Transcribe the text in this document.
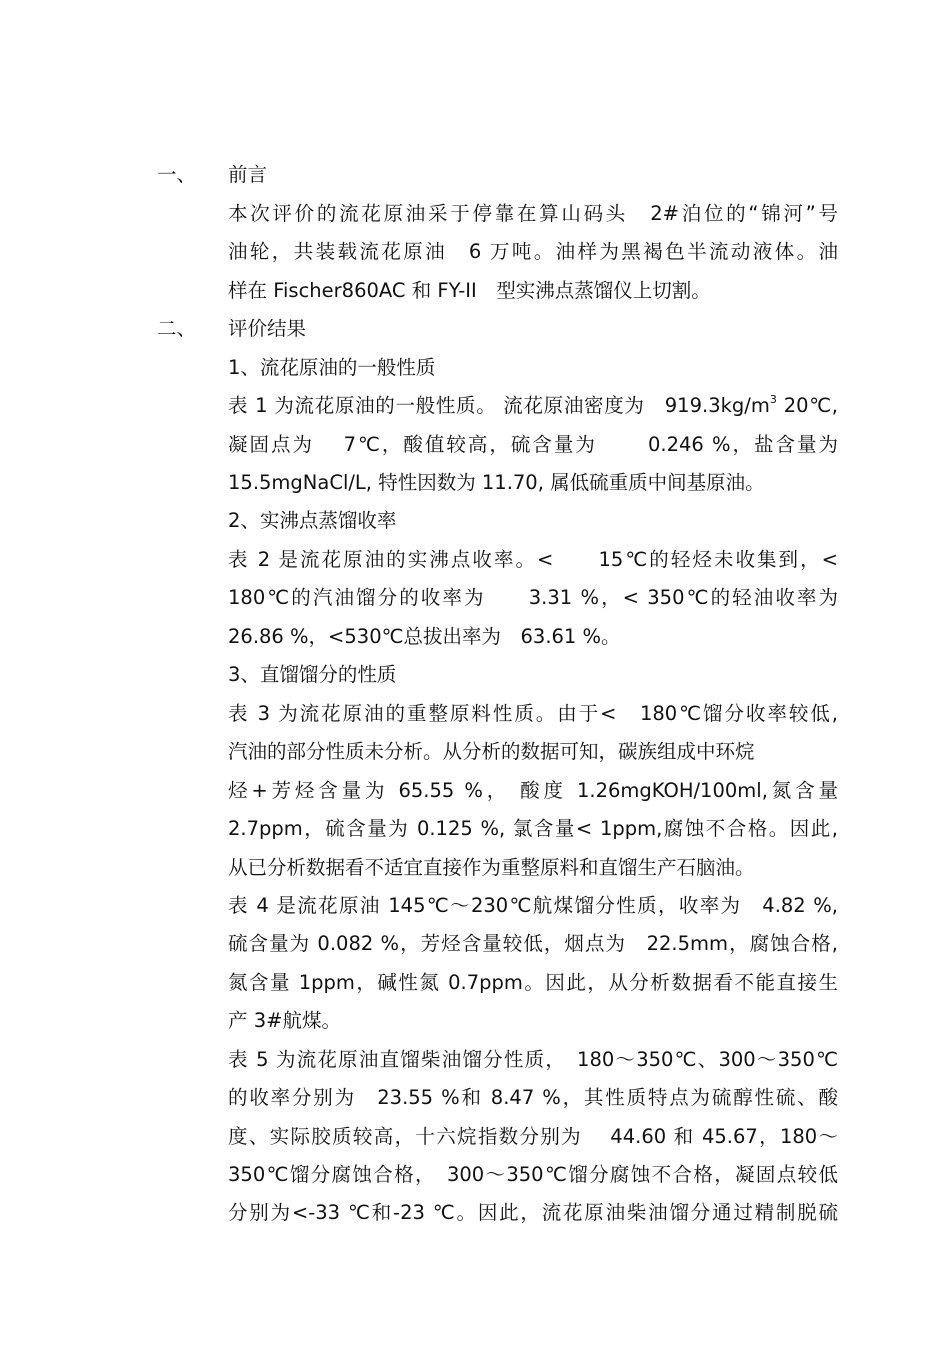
一、 前言
本次评价的流花原油采于停靠在算山码头　2#泊位的“锦河”号
油轮，共装载流花原油　6 万吨。油样为黑褐色半流动液体。油
样在 Fischer860AC 和 FY-II　型实沸点蒸馏仪上切割。
二、 评价结果
1、流花原油的一般性质
表 1 为流花原油的一般性质。 流花原油密度为　$919.3kg/m^3$ 20℃,
凝固点为　 7℃，酸值较高，硫含量为　　 0.246 %，盐含量为
15.5mgNaCl/L, 特性因数为 11.70, 属低硫重质中间基原油。
2、实沸点蒸馏收率
表 2 是流花原油的实沸点收率。<　　15℃的轻烃未收集到，<
180℃的汽油馏分的收率为　　3.31 %，< 350℃的轻油收率为
26.86 %，<530℃总拔出率为　63.61 %。
3、直馏馏分的性质
表 3 为流花原油的重整原料性质。由于<　180℃馏分收率较低,
汽油的部分性质未分析。从分析的数据可知，碳族组成中环烷
烃+芳烃含量为 65.55 %， 酸度 1.26mgKOH/100ml,氮含量
2.7ppm，硫含量为 0.125 %, 氯含量< 1ppm,腐蚀不合格。因此,
从已分析数据看不适宜直接作为重整原料和直馏生产石脑油。
表 4 是流花原油 145℃～230℃航煤馏分性质，收率为　4.82 %,
硫含量为 0.082 %，芳烃含量较低，烟点为　22.5mm，腐蚀合格,
氮含量 1ppm，碱性氮 0.7ppm。因此，从分析数据看不能直接生
产 3#航煤。
表 5 为流花原油直馏柴油馏分性质，　180～350℃、300～350℃
的收率分别为　23.55 %和 8.47 %，其性质特点为硫醇性硫、酸
度、实际胶质较高，十六烷指数分别为　 44.60 和 45.67，180～
350℃馏分腐蚀合格，　300～350℃馏分腐蚀不合格，凝固点较低
分别为<-33 ℃和-23 ℃。因此，流花原油柴油馏分通过精制脱硫
